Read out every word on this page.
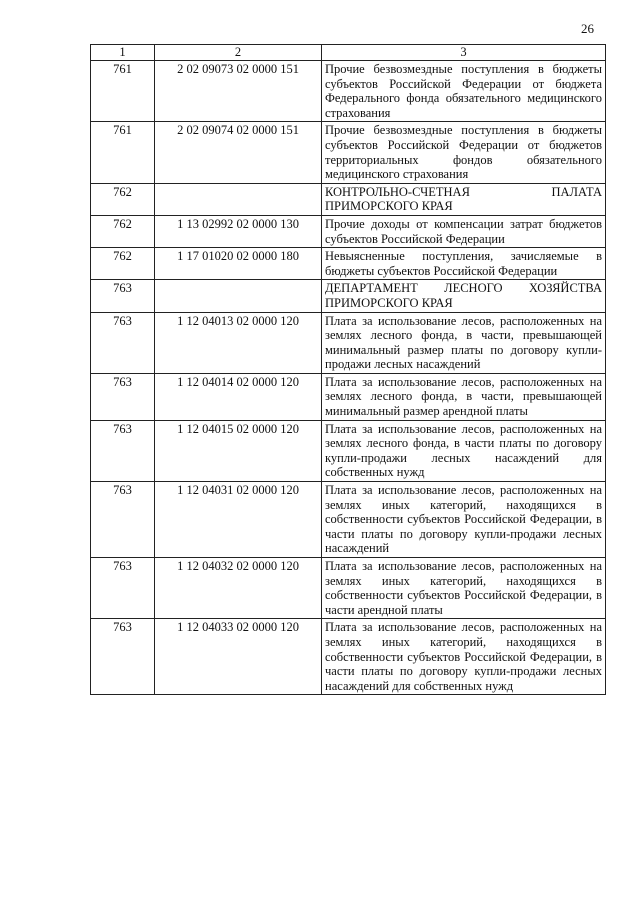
26
1	2	3
761	2 02 09073 02 0000 151	Прочие безвозмездные поступления в бюджеты субъектов Российской Федерации от бюджета Федерального фонда обязательного медицинского страхования
761	2 02 09074 02 0000 151	Прочие безвозмездные поступления в бюджеты субъектов Российской Федерации от бюджетов территориальных фондов обязательного медицинского страхования
762		КОНТРОЛЬНО-СЧЕТНАЯ ПАЛАТА ПРИМОРСКОГО КРАЯ
762	1 13 02992 02 0000 130	Прочие доходы от компенсации затрат бюджетов субъектов Российской Федерации
762	1 17 01020 02 0000 180	Невыясненные поступления, зачисляемые в бюджеты субъектов Российской Федерации
763		ДЕПАРТАМЕНТ ЛЕСНОГО ХОЗЯЙСТВА ПРИМОРСКОГО КРАЯ
763	1 12 04013 02 0000 120	Плата за использование лесов, расположенных на землях лесного фонда, в части, превышающей минимальный размер платы по договору купли-продажи лесных насаждений
763	1 12 04014 02 0000 120	Плата за использование лесов, расположенных на землях лесного фонда, в части, превышающей минимальный размер арендной платы
763	1 12 04015 02 0000 120	Плата за использование лесов, расположенных на землях лесного фонда, в части платы по договору купли-продажи лесных насаждений для собственных нужд
763	1 12 04031 02 0000 120	Плата за использование лесов, расположенных на землях иных категорий, находящихся в собственности субъектов Российской Федерации, в части платы по договору купли-продажи лесных насаждений
763	1 12 04032 02 0000 120	Плата за использование лесов, расположенных на землях иных категорий, находящихся в собственности субъектов Российской Федерации, в части арендной платы
763	1 12 04033 02 0000 120	Плата за использование лесов, расположенных на землях иных категорий, находящихся в собственности субъектов Российской Федерации, в части платы по договору купли-продажи лесных насаждений для собственных нужд
